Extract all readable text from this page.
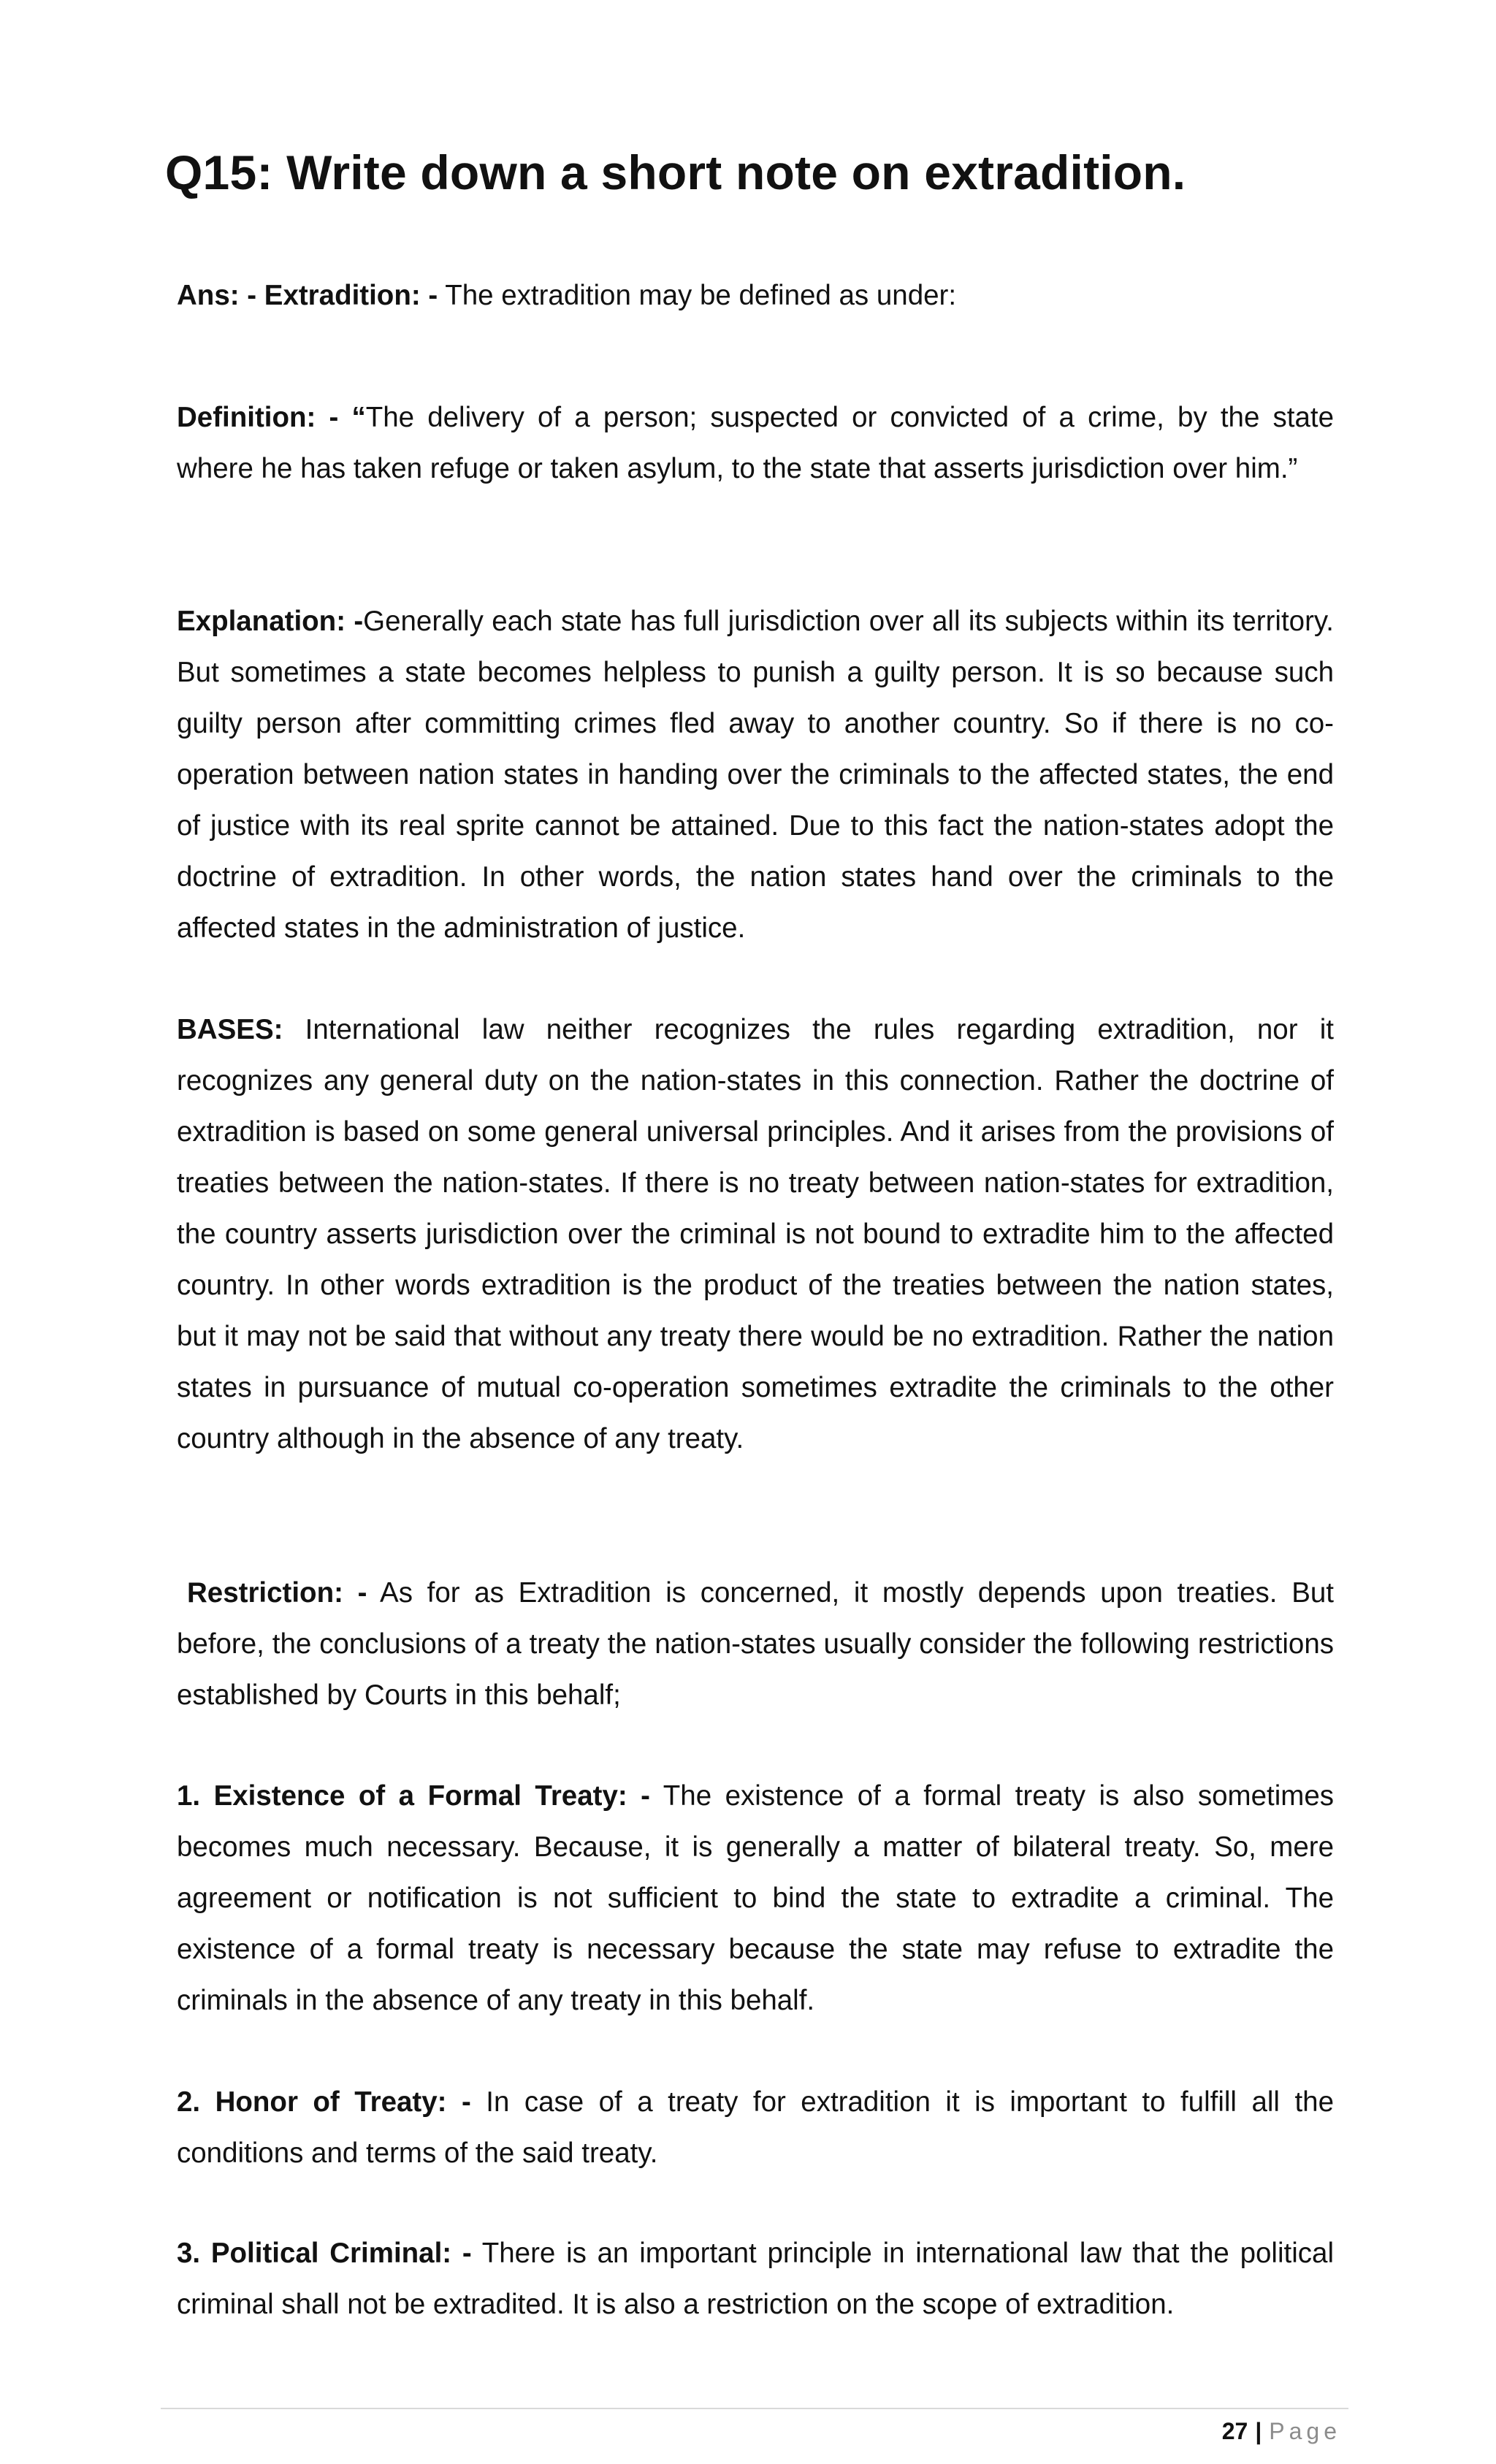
Q15: Write down a short note on extradition.

Ans: - Extradition: - The extradition may be defined as under:

Definition: - “The delivery of a person; suspected or convicted of a crime, by the state where he has taken refuge or taken asylum, to the state that asserts jurisdiction over him.”

Explanation: -Generally each state has full jurisdiction over all its subjects within its territory. But sometimes a state becomes helpless to punish a guilty person. It is so because such guilty person after committing crimes fled away to another country. So if there is no co-operation between nation states in handing over the criminals to the affected states, the end of justice with its real sprite cannot be attained. Due to this fact the nation-states adopt the doctrine of extradition. In other words, the nation states hand over the criminals to the affected states in the administration of justice.

BASES: International law neither recognizes the rules regarding extradition, nor it recognizes any general duty on the nation-states in this connection. Rather the doctrine of extradition is based on some general universal principles. And it arises from the provisions of treaties between the nation-states. If there is no treaty between nation-states for extradition, the country asserts jurisdiction over the criminal is not bound to extradite him to the affected country. In other words extradition is the product of the treaties between the nation states, but it may not be said that without any treaty there would be no extradition. Rather the nation states in pursuance of mutual co-operation sometimes extradite the criminals to the other country although in the absence of any treaty.

Restriction: - As for as Extradition is concerned, it mostly depends upon treaties. But before, the conclusions of a treaty the nation-states usually consider the following restrictions established by Courts in this behalf;

1. Existence of a Formal Treaty: - The existence of a formal treaty is also sometimes becomes much necessary. Because, it is generally a matter of bilateral treaty. So, mere agreement or notification is not sufficient to bind the state to extradite a criminal. The existence of a formal treaty is necessary because the state may refuse to extradite the criminals in the absence of any treaty in this behalf.

2. Honor of Treaty: - In case of a treaty for extradition it is important to fulfill all the conditions and terms of the said treaty.

3. Political Criminal: - There is an important principle in international law that the political criminal shall not be extradited. It is also a restriction on the scope of extradition.

27 | Page
